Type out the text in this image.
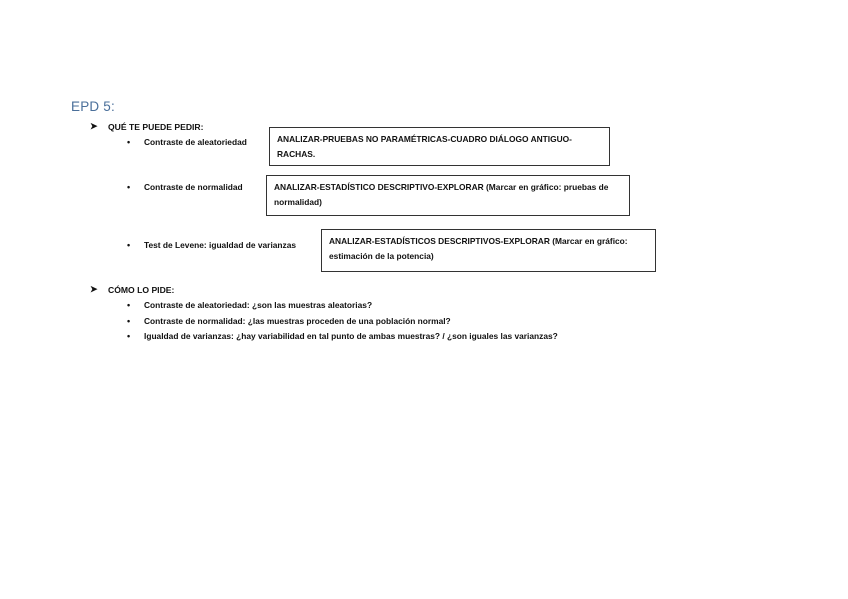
EPD 5:
➤ QUÉ TE PUEDE PEDIR:
• Contraste de aleatoriedad	ANALIZAR-PRUEBAS NO PARAMÉTRICAS-CUADRO DIÁLOGO ANTIGUO-RACHAS.
• Contraste de normalidad	ANALIZAR-ESTADÍSTICO DESCRIPTIVO-EXPLORAR (Marcar en gráfico: pruebas de normalidad)
• Test de Levene: igualdad de varianzas	ANALIZAR-ESTADÍSTICOS DESCRIPTIVOS-EXPLORAR (Marcar en gráfico: estimación de la potencia)
➤ CÓMO LO PIDE:
• Contraste de aleatoriedad: ¿son las muestras aleatorias?
• Contraste de normalidad: ¿las muestras proceden de una población normal?
• Igualdad de varianzas: ¿hay variabilidad en tal punto de ambas muestras? / ¿son iguales las varianzas?
